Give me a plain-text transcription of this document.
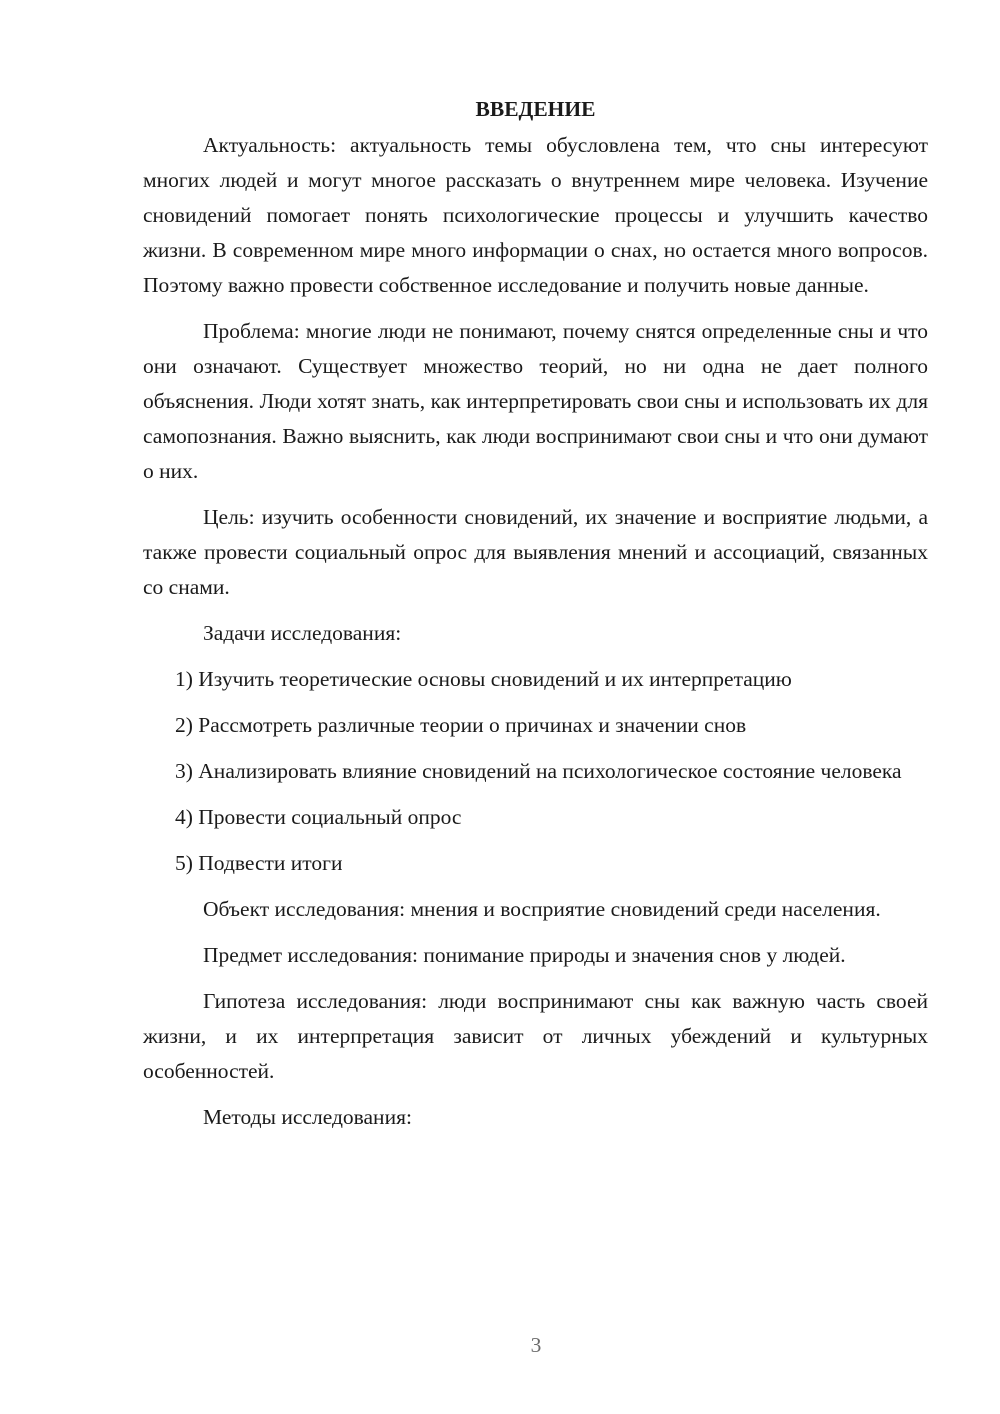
ВВЕДЕНИЕ

Актуальность: актуальность темы обусловлена тем, что сны интересуют многих людей и могут многое рассказать о внутреннем мире человека. Изучение сновидений помогает понять психологические процессы и улучшить качество жизни. В современном мире много информации о снах, но остается много вопросов. Поэтому важно провести собственное исследование и получить новые данные.

Проблема: многие люди не понимают, почему снятся определенные сны и что они означают. Существует множество теорий, но ни одна не дает полного объяснения. Люди хотят знать, как интерпретировать свои сны и использовать их для самопознания. Важно выяснить, как люди воспринимают свои сны и что они думают о них.

Цель: изучить особенности сновидений, их значение и восприятие людьми, а также провести социальный опрос для выявления мнений и ассоциаций, связанных со снами.

Задачи исследования:

1) Изучить теоретические основы сновидений и их интерпретацию

2) Рассмотреть различные теории о причинах и значении снов

3) Анализировать влияние сновидений на психологическое состояние человека

4) Провести социальный опрос

5) Подвести итоги

Объект исследования: мнения и восприятие сновидений среди населения.

Предмет исследования: понимание природы и значения снов у людей.

Гипотеза исследования: люди воспринимают сны как важную часть своей жизни, и их интерпретация зависит от личных убеждений и культурных особенностей.

Методы исследования:

3
